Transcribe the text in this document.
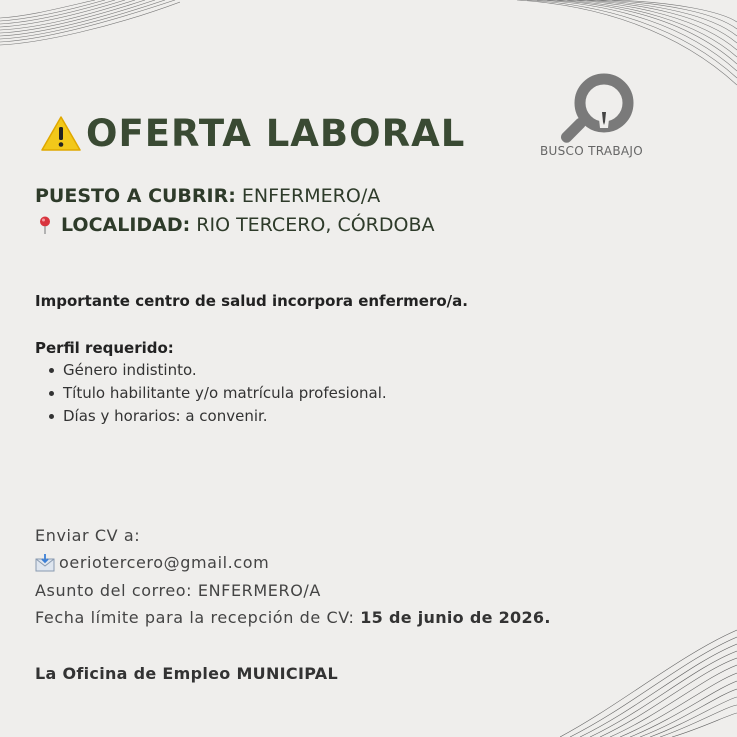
OFERTA LABORAL	BUSCO TRABAJO
PUESTO A CUBRIR: ENFERMERO/A
LOCALIDAD: RIO TERCERO, CÓRDOBA
Importante centro de salud incorpora enfermero/a.
Perfil requerido:
Género indistinto.
Título habilitante y/o matrícula profesional.
Días y horarios: a convenir.
Enviar CV a:
oeriotercero@gmail.com
Asunto del correo: ENFERMERO/A
Fecha límite para la recepción de CV: 15 de junio de 2026.
La Oficina de Empleo MUNICIPAL
